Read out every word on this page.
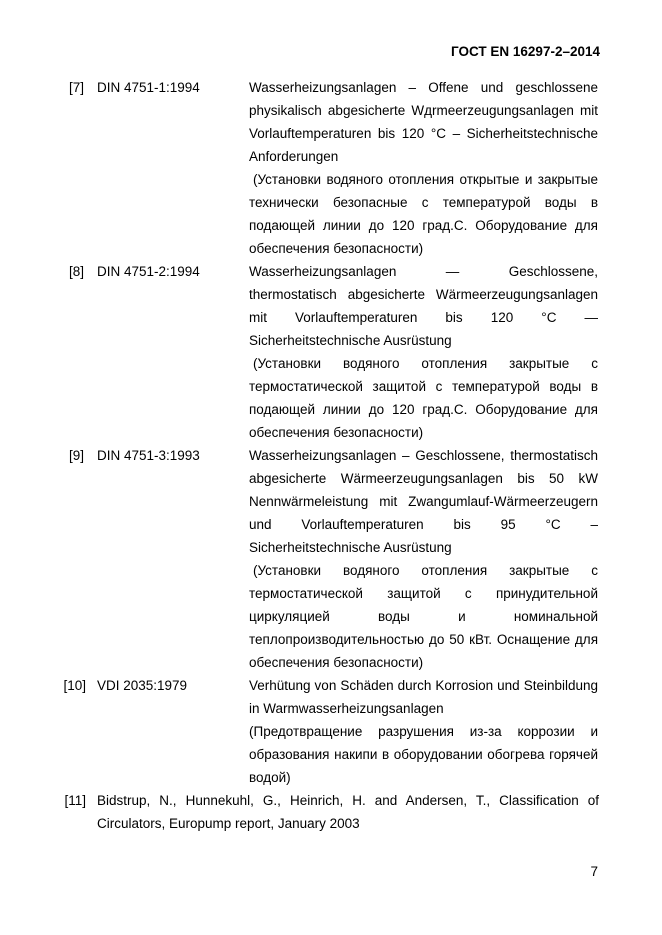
ГОСТ EN 16297-2–2014
[7] DIN 4751-1:1994	Wasserheizungsanlagen – Offene und geschlossene physikalisch abgesicherte Wдrmeerzeugungsanlagen mit Vorlauftemperaturen bis 120 °C – Sicherheitstechnische Anforderungen

(Установки водяного отопления открытые и закрытые технически безопасные с температурой воды в подающей линии до 120 град.С. Оборудование для обеспечения безопасности)

[8] DIN 4751-2:1994	Wasserheizungsanlagen — Geschlossene, thermostatisch abgesicherte Wärmeerzeugungsanlagen mit Vorlauftemperaturen bis 120 °C — Sicherheitstechnische Ausrüstung

(Установки водяного отопления закрытые с термостатической защитой с температурой воды в подающей линии до 120 град.С. Оборудование для обеспечения безопасности)

[9] DIN 4751-3:1993	Wasserheizungsanlagen – Geschlossene, thermostatisch abgesicherte Wärmeerzeugungsanlagen bis 50 kW Nennwärmeleistung mit Zwangumlauf-Wärmeerzeugern und Vorlauftemperaturen bis 95 °C – Sicherheitstechnische Ausrüstung

(Установки водяного отопления закрытые с термостатической защитой с принудительной циркуляцией воды и номинальной теплопроизводительностью до 50 кВт. Оснащение для обеспечения безопасности)

[10] VDI 2035:1979	Verhütung von Schäden durch Korrosion und Steinbildung in Warmwasserheizungsanlagen

(Предотвращение разрушения из-за коррозии и образования накипи в оборудовании обогрева горячей водой)

[11] Bidstrup, N., Hunnekuhl, G., Heinrich, H. and Andersen, T., Classification of

Circulators, Europump report, January 2003

7
